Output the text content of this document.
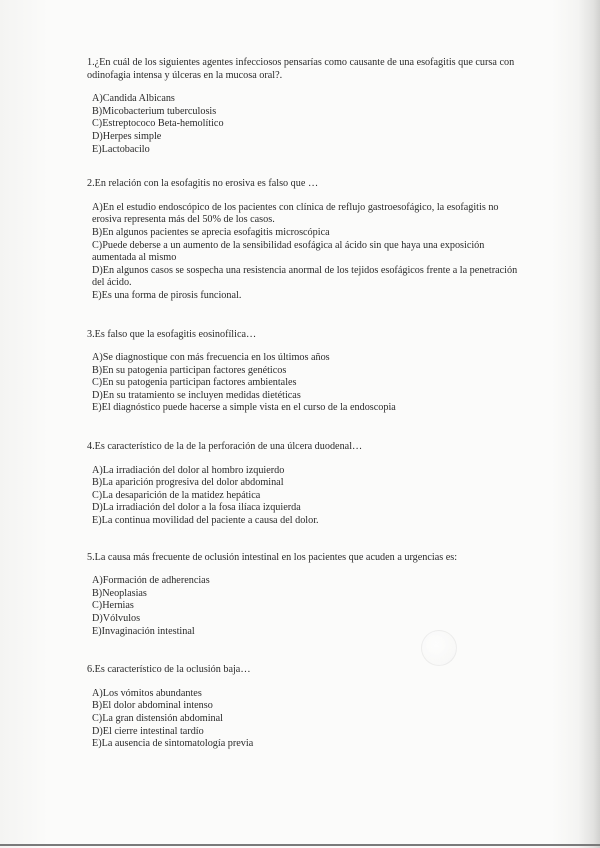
1.¿En cuál de los siguientes agentes infecciosos pensarías como causante de una esofagitis que cursa con odinofagia intensa y úlceras en la mucosa oral?.

A)Candida Albicans
B)Micobacterium tuberculosis
C)Estreptococo Beta-hemolítico
D)Herpes simple
E)Lactobacilo

2.En relación con la esofagitis no erosiva es falso que …

A)En el estudio endoscópico de los pacientes con clínica de reflujo gastroesofágico, la esofagitis no erosiva representa más del 50% de los casos.
B)En algunos pacientes se aprecia esofagitis microscópica
C)Puede deberse a un aumento de la sensibilidad esofágica al ácido sin que haya una exposición aumentada al mismo
D)En algunos casos se sospecha una resistencia anormal de los tejidos esofágicos frente a la penetración del ácido.
E)Es una forma de pirosis funcional.

3.Es falso que la esofagitis eosinofílica…

A)Se diagnostique con más frecuencia en los últimos años
B)En su patogenia participan factores genéticos
C)En su patogenia participan factores ambientales
D)En su tratamiento se incluyen medidas dietéticas
E)El diagnóstico puede hacerse a simple vista en el curso de la endoscopia

4.Es característico de la de la perforación de una úlcera duodenal…

A)La irradiación del dolor al hombro izquierdo
B)La aparición progresiva del dolor abdominal
C)La desaparición de la matidez hepática
D)La irradiación del dolor a la fosa ilíaca izquierda
E)La continua movilidad del paciente a causa del dolor.

5.La causa más frecuente de oclusión intestinal en los pacientes que acuden a urgencias es:

A)Formación de adherencias
B)Neoplasias
C)Hernias
D)Vólvulos
E)Invaginación intestinal

6.Es característico de la oclusión baja…

A)Los vómitos abundantes
B)El dolor abdominal intenso
C)La gran distensión abdominal
D)El cierre intestinal tardío
E)La ausencia de sintomatología previa
